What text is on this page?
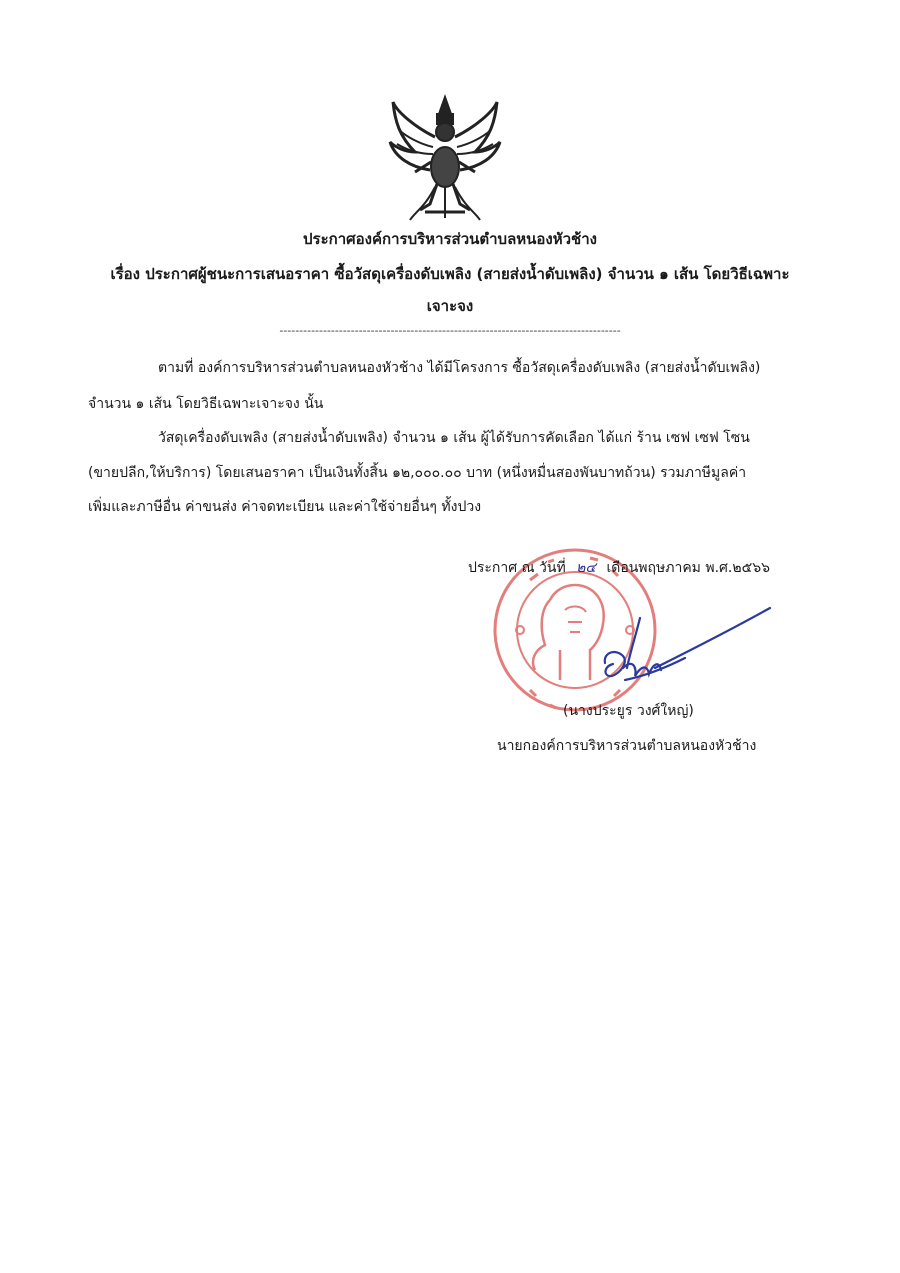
ประกาศองค์การบริหารส่วนตำบลหนองหัวช้าง
เรื่อง ประกาศผู้ชนะการเสนอราคา ซื้อวัสดุเครื่องดับเพลิง (สายส่งน้ำดับเพลิง) จำนวน ๑ เส้น โดยวิธีเฉพาะ
เจาะจง
--------------------------------------------------------------------------------------
ตามที่ องค์การบริหารส่วนตำบลหนองหัวช้าง ได้มีโครงการ ซื้อวัสดุเครื่องดับเพลิง (สายส่งน้ำดับเพลิง)
จำนวน ๑ เส้น โดยวิธีเฉพาะเจาะจง นั้น
วัสดุเครื่องดับเพลิง (สายส่งน้ำดับเพลิง) จำนวน ๑ เส้น ผู้ได้รับการคัดเลือก ได้แก่ ร้าน เซฟ เซฟ โซน
(ขายปลีก,ให้บริการ) โดยเสนอราคา เป็นเงินทั้งสิ้น ๑๒,๐๐๐.๐๐ บาท (หนึ่งหมื่นสองพันบาทถ้วน) รวมภาษีมูลค่า
เพิ่มและภาษีอื่น ค่าขนส่ง ค่าจดทะเบียน และค่าใช้จ่ายอื่นๆ ทั้งปวง
ประกาศ ณ วันที่ ๒๔ เดือนพฤษภาคม พ.ศ.๒๕๖๖
(นางประยูร วงศ์ใหญ่)
นายกองค์การบริหารส่วนตำบลหนองหัวช้าง
